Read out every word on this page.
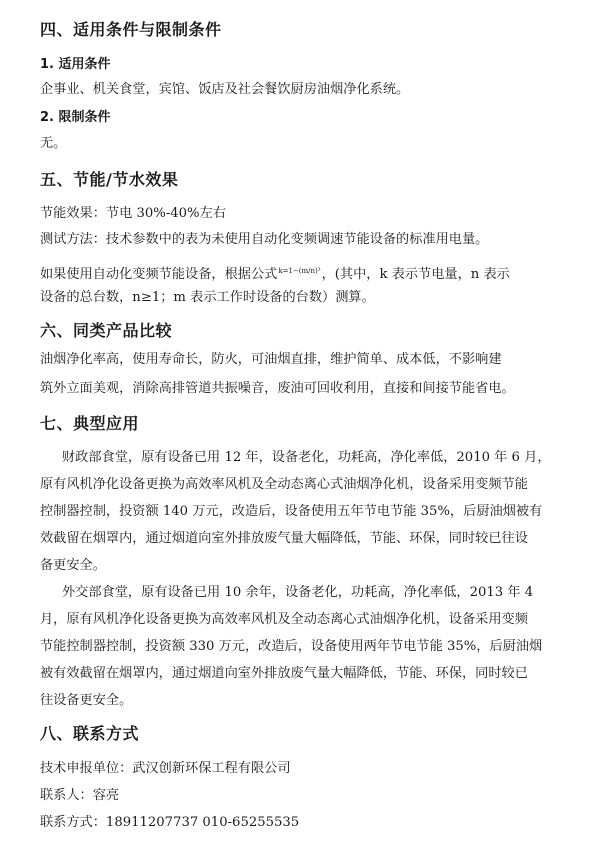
四、适用条件与限制条件
1. 适用条件
企事业、机关食堂，宾馆、饭店及社会餐饮厨房油烟净化系统。
2. 限制条件
无。
五、节能/节水效果
节能效果：节电 30%-40%左右
测试方法：技术参数中的表为未使用自动化变频调速节能设备的标准用电量。
如果使用自动化变频节能设备，根据公式k=1−(m/n)³，(其中，k 表示节电量，n 表示
设备的总台数，n≥1；m 表示工作时设备的台数）测算。
六、同类产品比较
油烟净化率高，使用寿命长，防火，可油烟直排，维护简单、成本低，不影响建
筑外立面美观，消除高排管道共振噪音，废油可回收利用，直接和间接节能省电。
七、典型应用
财政部食堂，原有设备已用 12 年，设备老化，功耗高，净化率低，2010 年 6 月，
原有风机净化设备更换为高效率风机及全动态离心式油烟净化机，设备采用变频节能
控制器控制，投资额 140 万元，改造后，设备使用五年节电节能 35%，后厨油烟被有
效截留在烟罩内，通过烟道向室外排放废气量大幅降低，节能、环保，同时较已往设
备更安全。
外交部食堂，原有设备已用 10 余年，设备老化，功耗高，净化率低，2013 年 4
月，原有风机净化设备更换为高效率风机及全动态离心式油烟净化机，设备采用变频
节能控制器控制，投资额 330 万元，改造后，设备使用两年节电节能 35%，后厨油烟
被有效截留在烟罩内，通过烟道向室外排放废气量大幅降低，节能、环保，同时较已
往设备更安全。
八、联系方式
技术申报单位：武汉创新环保工程有限公司
联系人：容亮
联系方式：18911207737 010-65255535
